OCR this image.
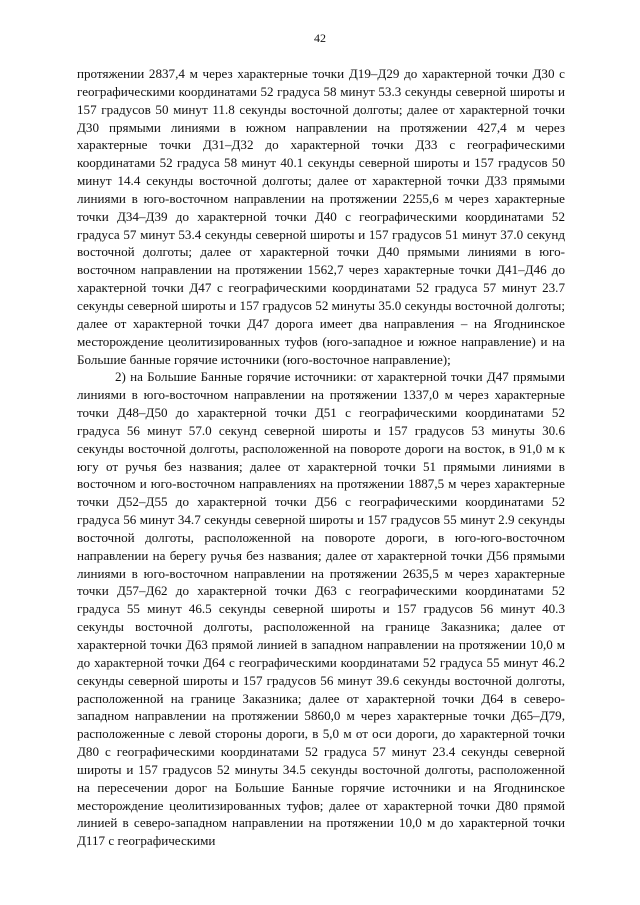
42

протяжении 2837,4 м через характерные точки Д19–Д29 до характерной точки Д30 с географическими координатами 52 градуса 58 минут 53.3 секунды северной широты и 157 градусов 50 минут 11.8 секунды восточной долготы; далее от характерной точки Д30 прямыми линиями в южном направлении на протяжении 427,4 м через характерные точки Д31–Д32 до характерной точки Д33 с географическими координатами 52 градуса 58 минут 40.1 секунды северной широты и 157 градусов 50 минут 14.4 секунды восточной долготы; далее от характерной точки Д33 прямыми линиями в юго-восточном направлении на протяжении 2255,6 м через характерные точки Д34–Д39 до характерной точки Д40 с географическими координатами 52 градуса 57 минут 53.4 секунды северной широты и 157 градусов 51 минут 37.0 секунд восточной долготы; далее от характерной точки Д40 прямыми линиями в юго-восточном направлении на протяжении 1562,7 через характерные точки Д41–Д46 до характерной точки Д47 с географическими координатами 52 градуса 57 минут 23.7 секунды северной широты и 157 градусов 52 минуты 35.0 секунды восточной долготы; далее от характерной точки Д47 дорога имеет два направления – на Ягоднинское месторождение цеолитизированных туфов (юго-западное и южное направление) и на Большие банные горячие источники (юго-восточное направление);

2) на Большие Банные горячие источники: от характерной точки Д47 прямыми линиями в юго-восточном направлении на протяжении 1337,0 м через характерные точки Д48–Д50 до характерной точки Д51 с географическими координатами 52 градуса 56 минут 57.0 секунд северной широты и 157 градусов 53 минуты 30.6 секунды восточной долготы, расположенной на повороте дороги на восток, в 91,0 м к югу от ручья без названия; далее от характерной точки 51 прямыми линиями в восточном и юго-восточном направлениях на протяжении 1887,5 м через характерные точки Д52–Д55 до характерной точки Д56 с географическими координатами 52 градуса 56 минут 34.7 секунды северной широты и 157 градусов 55 минут 2.9 секунды восточной долготы, расположенной на повороте дороги, в юго-юго-восточном направлении на берегу ручья без названия; далее от характерной точки Д56 прямыми линиями в юго-восточном направлении на протяжении 2635,5 м через характерные точки Д57–Д62 до характерной точки Д63 с географическими координатами 52 градуса 55 минут 46.5 секунды северной широты и 157 градусов 56 минут 40.3 секунды восточной долготы, расположенной на границе Заказника; далее от характерной точки Д63 прямой линией в западном направлении на протяжении 10,0 м до характерной точки Д64 с географическими координатами 52 градуса 55 минут 46.2 секунды северной широты и 157 градусов 56 минут 39.6 секунды восточной долготы, расположенной на границе Заказника; далее от характерной точки Д64 в северо-западном направлении на протяжении 5860,0 м через характерные точки Д65–Д79, расположенные с левой стороны дороги, в 5,0 м от оси дороги, до характерной точки Д80 с географическими координатами 52 градуса 57 минут 23.4 секунды северной широты и 157 градусов 52 минуты 34.5 секунды восточной долготы, расположенной на пересечении дорог на Большие Банные горячие источники и на Ягоднинское месторождение цеолитизированных туфов; далее от характерной точки Д80 прямой линией в северо-западном направлении на протяжении 10,0 м до характерной точки Д117 с географическими
